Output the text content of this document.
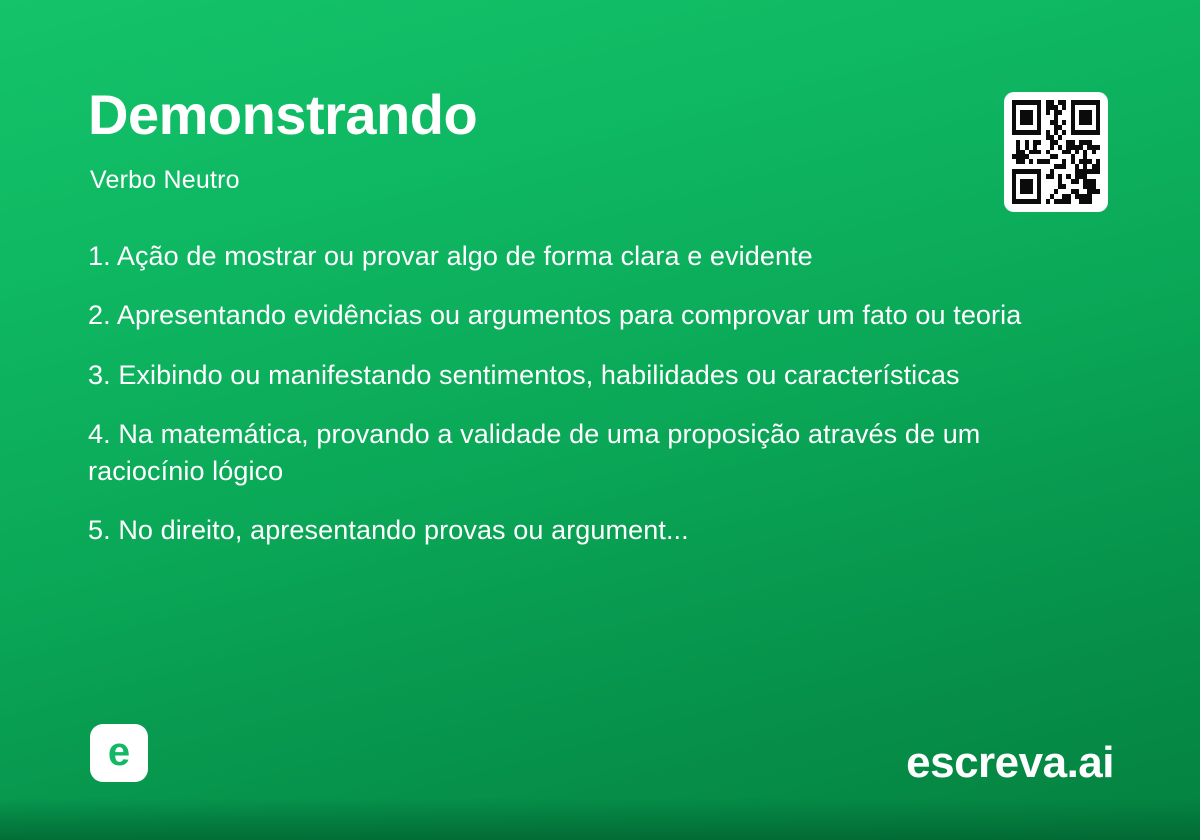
Demonstrando
Verbo Neutro
1. Ação de mostrar ou provar algo de forma clara e evidente
2. Apresentando evidências ou argumentos para comprovar um fato ou teoria
3. Exibindo ou manifestando sentimentos, habilidades ou características
4. Na matemática, provando a validade de uma proposição através de um raciocínio lógico
5. No direito, apresentando provas ou argument...
e	escreva.ai
